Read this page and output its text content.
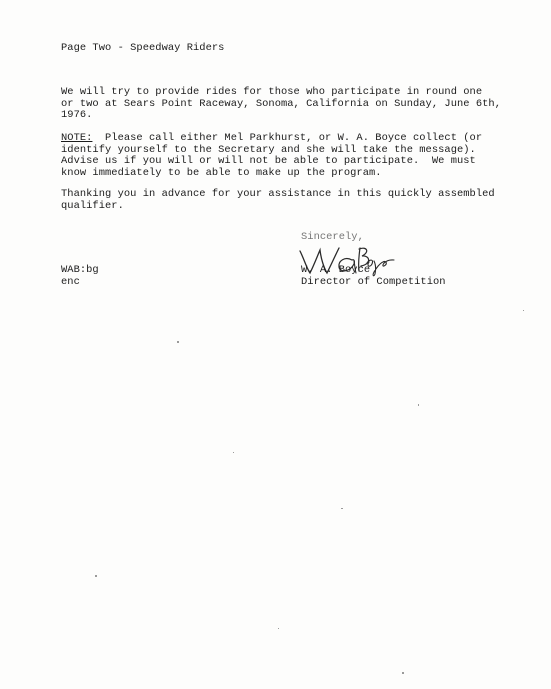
Page Two - Speedway Riders
We will try to provide rides for those who participate in round one
or two at Sears Point Raceway, Sonoma, California on Sunday, June 6th,
1976.
NOTE:  Please call either Mel Parkhurst, or W. A. Boyce collect (or
identify yourself to the Secretary and she will take the message).
Advise us if you will or will not be able to participate.  We must
know immediately to be able to make up the program.
Thanking you in advance for your assistance in this quickly assembled
qualifier.
Sincerely,
W. A. Boyce
Director of Competition
WAB:bg
enc
